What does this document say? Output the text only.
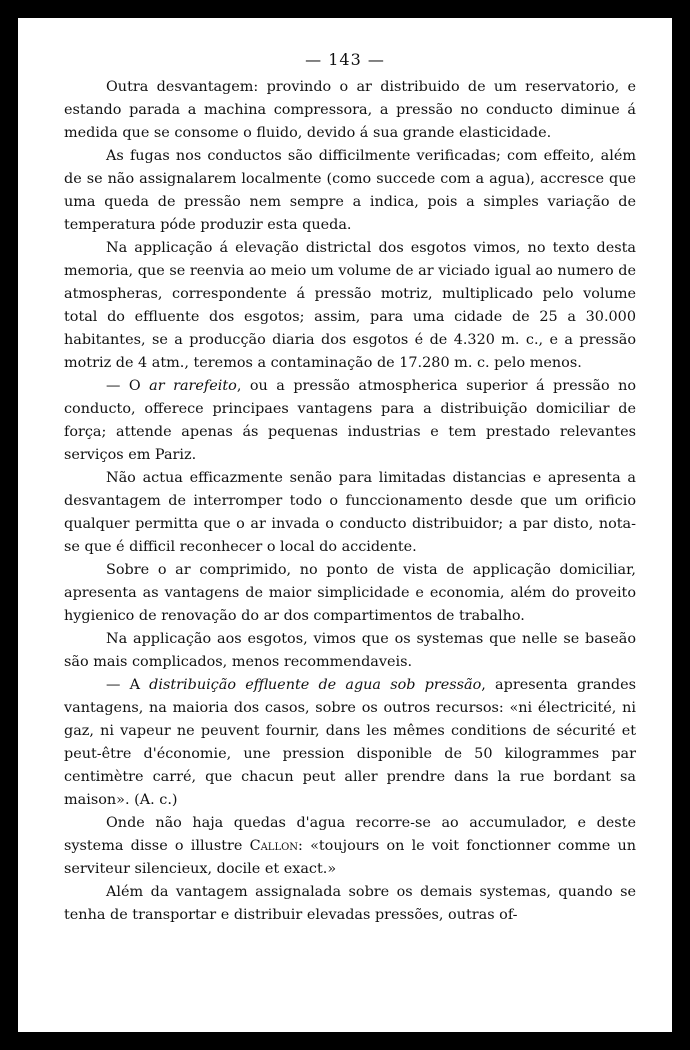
— 143 —

Outra desvantagem: provindo o ar distribuido de um reservatorio, e estando parada a machina compressora, a pressão no conducto diminue á medida que se consome o fluido, devido á sua grande elasticidade.

As fugas nos conductos são difficilmente verificadas; com effeito, além de se não assignalarem localmente (como succede com a agua), accresce que uma queda de pressão nem sempre a indica, pois a simples variação de temperatura póde produzir esta queda.

Na applicação á elevação districtal dos esgotos vimos, no texto desta memoria, que se reenvia ao meio um volume de ar viciado igual ao numero de atmospheras, correspondente á pressão motriz, multiplicado pelo volume total do effluente dos esgotos; assim, para uma cidade de 25 a 30.000 habitantes, se a producção diaria dos esgotos é de 4.320 m. c., e a pressão motriz de 4 atm., teremos a contaminação de 17.280 m. c. pelo menos.

— O ar rarefeito, ou a pressão atmospherica superior á pressão no conducto, offerece principaes vantagens para a distribuição domiciliar de força; attende apenas ás pequenas industrias e tem prestado relevantes serviços em Pariz.

Não actua efficazmente senão para limitadas distancias e apresenta a desvantagem de interromper todo o funccionamento desde que um orificio qualquer permitta que o ar invada o conducto distribuidor; a par disto, nota-se que é difficil reconhecer o local do accidente.

Sobre o ar comprimido, no ponto de vista de applicação domiciliar, apresenta as vantagens de maior simplicidade e economia, além do proveito hygienico de renovação do ar dos compartimentos de trabalho.

Na applicação aos esgotos, vimos que os systemas que nelle se baseão são mais complicados, menos recommendaveis.

— A distribuição effluente de agua sob pressão, apresenta grandes vantagens, na maioria dos casos, sobre os outros recursos: «ni électricité, ni gaz, ni vapeur ne peuvent fournir, dans les mêmes conditions de sécurité et peut-être d'économie, une pression disponible de 50 kilogrammes par centimètre carré, que chacun peut aller prendre dans la rue bordant sa maison». (A. c.)

Onde não haja quedas d'agua recorre-se ao accumulador, e deste systema disse o illustre Callon: «toujours on le voit fonctionner comme un serviteur silencieux, docile et exact.»

Além da vantagem assignalada sobre os demais systemas, quando se tenha de transportar e distribuir elevadas pressões, outras of-
